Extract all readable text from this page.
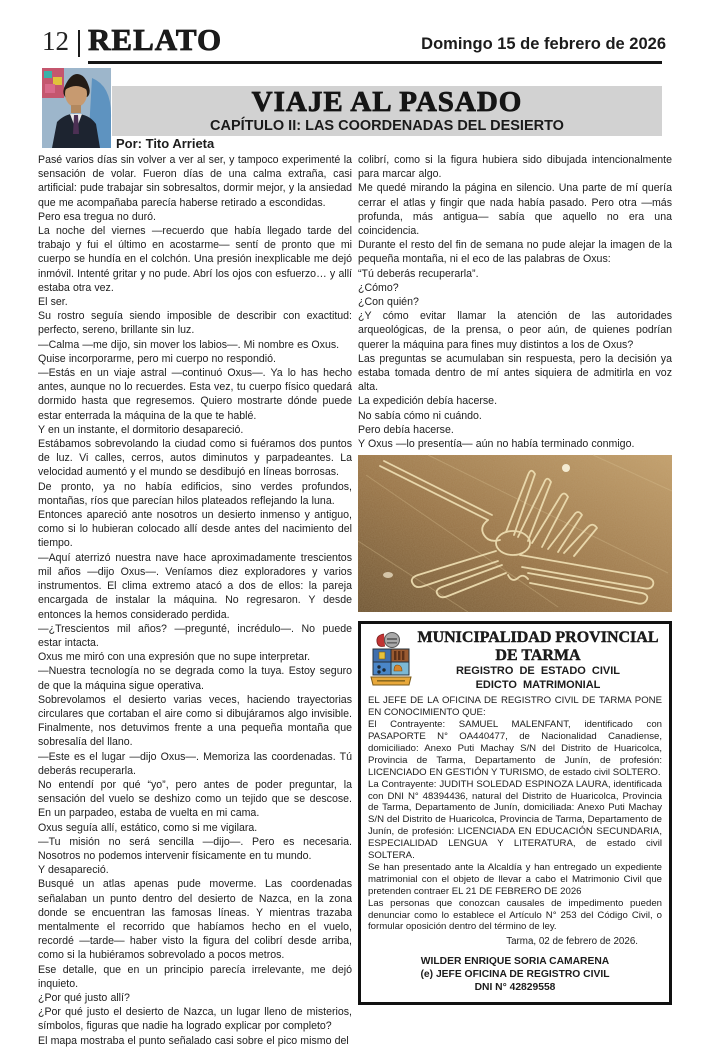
12 RELATO	Domingo 15 de febrero de 2026
VIAJE AL PASADO
CAPÍTULO II: LAS COORDENADAS DEL DESIERTO
Por: Tito Arrieta

Pasé varios días sin volver a ver al ser, y tampoco experimenté la sensación de volar. Fueron días de una calma extraña, casi artificial: pude trabajar sin sobresaltos, dormir mejor, y la ansiedad que me acompañaba parecía haberse retirado a escondidas.

Pero esa tregua no duró.

La noche del viernes —recuerdo que había llegado tarde del trabajo y fui el último en acostarme— sentí de pronto que mi cuerpo se hundía en el colchón. Una presión inexplicable me dejó inmóvil. Intenté gritar y no pude. Abrí los ojos con esfuerzo… y allí estaba otra vez.

El ser.

Su rostro seguía siendo imposible de describir con exactitud: perfecto, sereno, brillante sin luz.

—Calma —me dijo, sin mover los labios—. Mi nombre es Oxus.

Quise incorporarme, pero mi cuerpo no respondió.

—Estás en un viaje astral —continuó Oxus—. Ya lo has hecho antes, aunque no lo recuerdes. Esta vez, tu cuerpo físico quedará dormido hasta que regresemos. Quiero mostrarte dónde puede estar enterrada la máquina de la que te hablé.

Y en un instante, el dormitorio desapareció.

Estábamos sobrevolando la ciudad como si fuéramos dos puntos de luz. Vi calles, cerros, autos diminutos y parpadeantes. La velocidad aumentó y el mundo se desdibujó en líneas borrosas.

De pronto, ya no había edificios, sino verdes profundos, montañas, ríos que parecían hilos plateados reflejando la luna.

Entonces apareció ante nosotros un desierto inmenso y antiguo, como si lo hubieran colocado allí desde antes del nacimiento del tiempo.

—Aquí aterrizó nuestra nave hace aproximadamente trescientos mil años —dijo Oxus—. Veníamos diez exploradores y varios instrumentos. El clima extremo atacó a dos de ellos: la pareja encargada de instalar la máquina. No regresaron. Y desde entonces la hemos considerado perdida.

—¿Trescientos mil años? —pregunté, incrédulo—. No puede estar intacta.

Oxus me miró con una expresión que no supe interpretar.

—Nuestra tecnología no se degrada como la tuya. Estoy seguro de que la máquina sigue operativa.

Sobrevolamos el desierto varias veces, haciendo trayectorias circulares que cortaban el aire como si dibujáramos algo invisible. Finalmente, nos detuvimos frente a una pequeña montaña que sobresalía del llano.

—Este es el lugar —dijo Oxus—. Memoriza las coordenadas. Tú deberás recuperarla.

No entendí por qué “yo”, pero antes de poder preguntar, la sensación del vuelo se deshizo como un tejido que se descose. En un parpadeo, estaba de vuelta en mi cama.

Oxus seguía allí, estático, como si me vigilara.

—Tu misión no será sencilla —dijo—. Pero es necesaria. Nosotros no podemos intervenir físicamente en tu mundo.

Y desapareció.

Busqué un atlas apenas pude moverme. Las coordenadas señalaban un punto dentro del desierto de Nazca, en la zona donde se encuentran las famosas líneas. Y mientras trazaba mentalmente el recorrido que habíamos hecho en el vuelo, recordé —tarde— haber visto la figura del colibrí desde arriba, como si la hubiéramos sobrevolado a pocos metros.

Ese detalle, que en un principio parecía irrelevante, me dejó inquieto.

¿Por qué justo allí?

¿Por qué justo el desierto de Nazca, un lugar lleno de misterios, símbolos, figuras que nadie ha logrado explicar por completo?

El mapa mostraba el punto señalado casi sobre el pico mismo del

colibrí, como si la figura hubiera sido dibujada intencionalmente para marcar algo.

Me quedé mirando la página en silencio. Una parte de mí quería cerrar el atlas y fingir que nada había pasado. Pero otra —más profunda, más antigua— sabía que aquello no era una coincidencia.

Durante el resto del fin de semana no pude alejar la imagen de la pequeña montaña, ni el eco de las palabras de Oxus:

“Tú deberás recuperarla”.

¿Cómo?

¿Con quién?

¿Y cómo evitar llamar la atención de las autoridades arqueológicas, de la prensa, o peor aún, de quienes podrían querer la máquina para fines muy distintos a los de Oxus?

Las preguntas se acumulaban sin respuesta, pero la decisión ya estaba tomada dentro de mí antes siquiera de admitirla en voz alta.

La expedición debía hacerse.

No sabía cómo ni cuándo.

Pero debía hacerse.

Y Oxus —lo presentía— aún no había terminado conmigo.

MUNICIPALIDAD PROVINCIAL
DE TARMA
REGISTRO DE ESTADO CIVIL
EDICTO MATRIMONIAL

EL JEFE DE LA OFICINA DE REGISTRO CIVIL DE TARMA PONE EN CONOCIMIENTO QUE:

El Contrayente: SAMUEL MALENFANT, identificado con PASAPORTE N° OA440477, de Nacionalidad Canadiense, domiciliado: Anexo Puti Machay S/N del Distrito de Huaricolca, Provincia de Tarma, Departamento de Junín, de profesión: LICENCIADO EN GESTIÓN Y TURISMO, de estado civil SOLTERO.

La Contrayente: JUDITH SOLEDAD ESPINOZA LAURA, identificada con DNI N° 48394436, natural del Distrito de Huaricolca, Provincia de Tarma, Departamento de Junín, domiciliada: Anexo Puti Machay S/N del Distrito de Huaricolca, Provincia de Tarma, Departamento de Junín, de profesión: LICENCIADA EN EDUCACIÓN SECUNDARIA, ESPECIALIDAD LENGUA Y LITERATURA, de estado civil SOLTERA.

Se han presentado ante la Alcaldía y han entregado un expediente matrimonial con el objeto de llevar a cabo el Matrimonio Civil que pretenden contraer EL 21 DE FEBRERO DE 2026

Las personas que conozcan causales de impedimento pueden denunciar como lo establece el Artículo N° 253 del Código Civil, o formular oposición dentro del término de ley.

Tarma, 02 de febrero de 2026.

WILDER ENRIQUE SORIA CAMARENA

(e) JEFE OFICINA DE REGISTRO CIVIL

DNI N° 42829558
